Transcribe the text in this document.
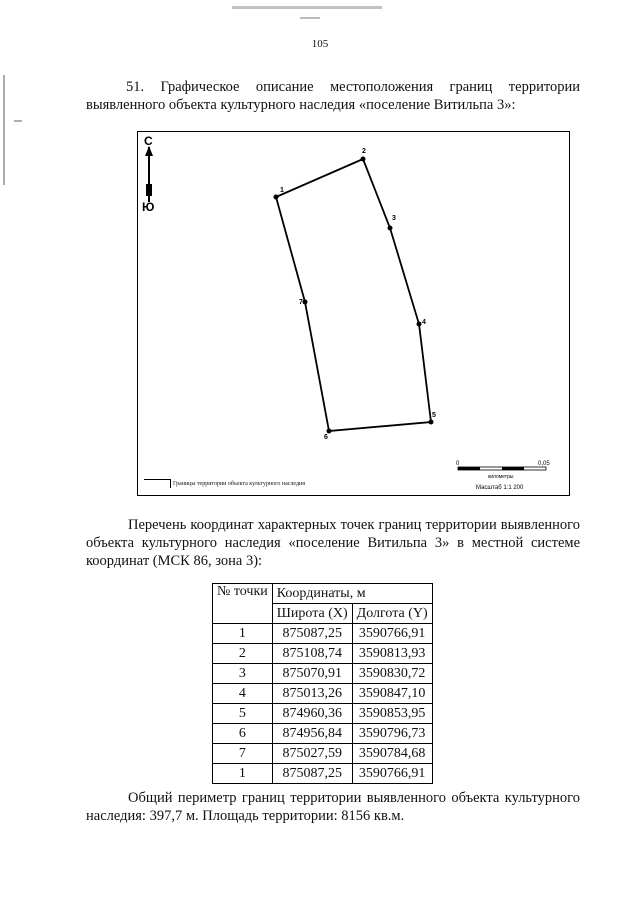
105
51. Графическое описание местоположения границ территории выявленного объекта культурного наследия «поселение Витильпа 3»:
С
Ю
1
2
3
4
5
6
7
0	0,05
километры
Масштаб 1:1 200
Границы территории объекта культурного наследия
Перечень координат характерных точек границ территории выявленного объекта культурного наследия «поселение Витильпа 3» в местной системе координат (МСК 86, зона 3):
№ точки	Координаты, м	
	Широта (X)	Долгота (Y)
1	875087,25	3590766,91
2	875108,74	3590813,93
3	875070,91	3590830,72
4	875013,26	3590847,10
5	874960,36	3590853,95
6	874956,84	3590796,73
7	875027,59	3590784,68
1	875087,25	3590766,91
Общий периметр границ территории выявленного объекта культурного наследия: 397,7 м. Площадь территории: 8156 кв.м.
